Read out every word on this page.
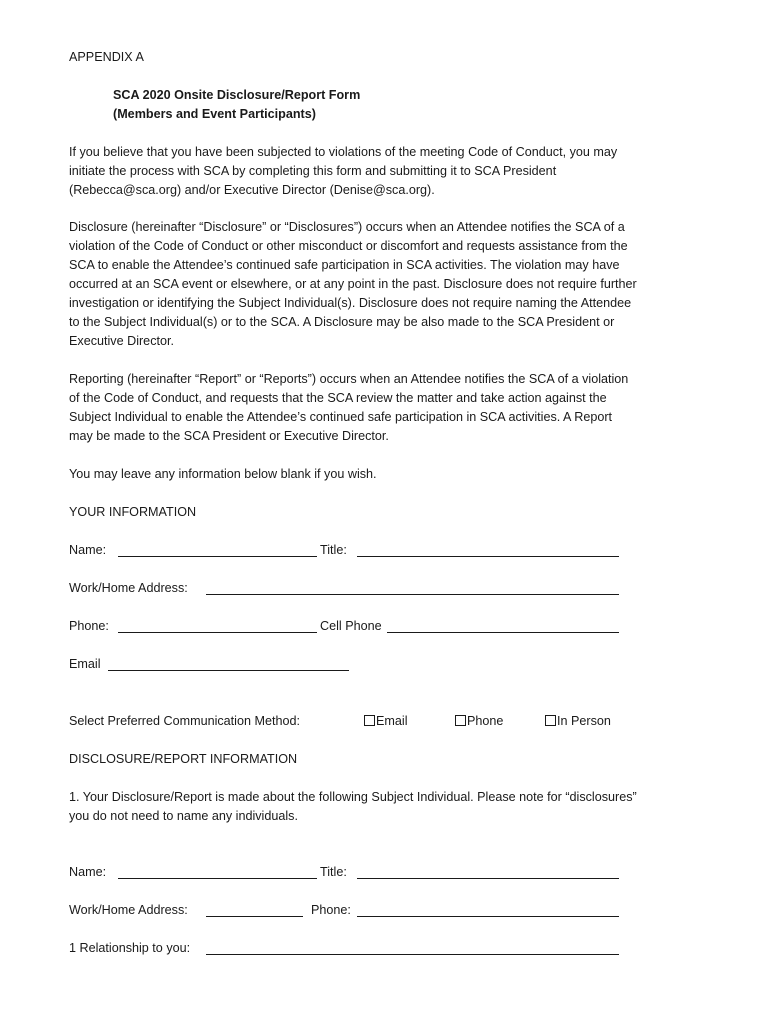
APPENDIX A
SCA 2020 Onsite Disclosure/Report Form
(Members and Event Participants)
If you believe that you have been subjected to violations of the meeting Code of Conduct, you may
initiate the process with SCA by completing this form and submitting it to SCA President
(Rebecca@sca.org) and/or Executive Director (Denise@sca.org).
Disclosure (hereinafter “Disclosure” or “Disclosures”) occurs when an Attendee notifies the SCA of a
violation of the Code of Conduct or other misconduct or discomfort and requests assistance from the
SCA to enable the Attendee’s continued safe participation in SCA activities. The violation may have
occurred at an SCA event or elsewhere, or at any point in the past. Disclosure does not require further
investigation or identifying the Subject Individual(s). Disclosure does not require naming the Attendee
to the Subject Individual(s) or to the SCA. A Disclosure may be also made to the SCA President or
Executive Director.
Reporting (hereinafter “Report” or “Reports”) occurs when an Attendee notifies the SCA of a violation
of the Code of Conduct, and requests that the SCA review the matter and take action against the
Subject Individual to enable the Attendee’s continued safe participation in SCA activities. A Report
may be made to the SCA President or Executive Director.
You may leave any information below blank if you wish.
YOUR INFORMATION
Name:	Title:
Work/Home Address:
Phone:	Cell Phone
Email
Select Preferred Communication Method:	Email	Phone	In Person
DISCLOSURE/REPORT INFORMATION
1. Your Disclosure/Report is made about the following Subject Individual. Please note for “disclosures”
you do not need to name any individuals.
Name:	Title:
Work/Home Address:	Phone:
1 Relationship to you:
